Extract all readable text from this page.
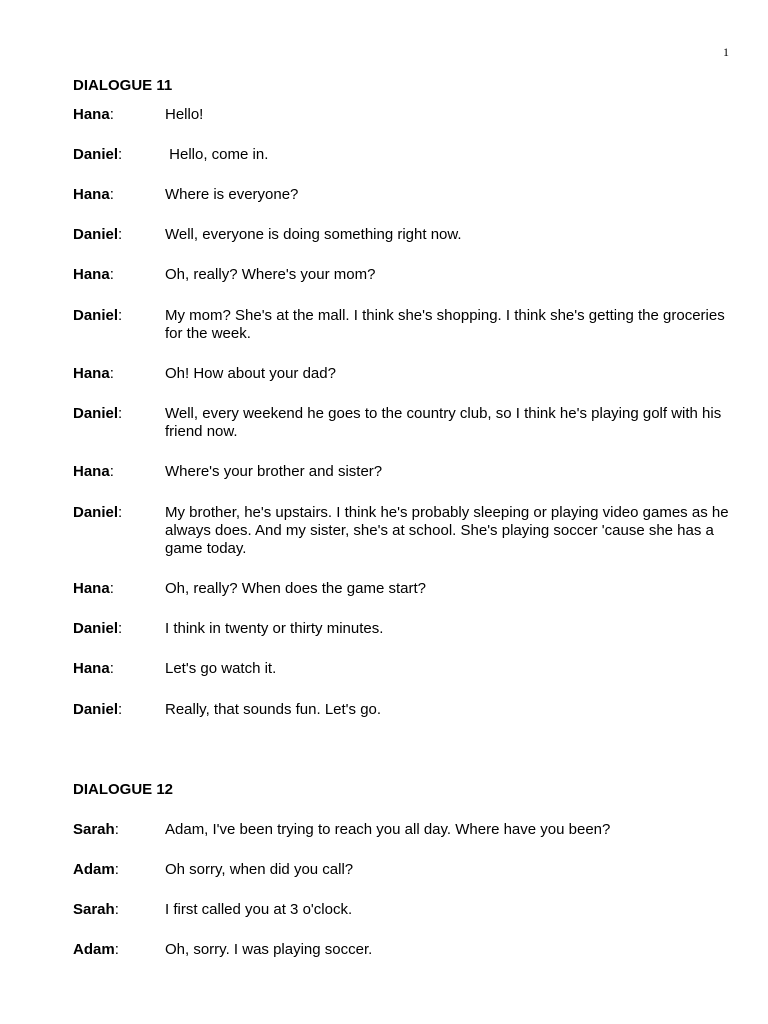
1
DIALOGUE 11
Hana:	Hello!
Daniel:	Hello, come in.
Hana:	Where is everyone?
Daniel:	Well, everyone is doing something right now.
Hana:	Oh, really? Where's your mom?
Daniel:	My mom? She's at the mall. I think she's shopping. I think she's getting the groceries for the week.
Hana:	Oh! How about your dad?
Daniel:	Well, every weekend he goes to the country club, so I think he's playing golf with his friend now.
Hana:	Where's your brother and sister?
Daniel:	My brother, he's upstairs. I think he's probably sleeping or playing video games as he always does. And my sister, she's at school. She's playing soccer 'cause she has a game today.
Hana:	Oh, really? When does the game start?
Daniel:	I think in twenty or thirty minutes.
Hana:	Let's go watch it.
Daniel:	Really, that sounds fun. Let's go.
DIALOGUE 12
Sarah:	Adam, I've been trying to reach you all day. Where have you been?
Adam:	Oh sorry, when did you call?
Sarah:	I first called you at 3 o'clock.
Adam:	Oh, sorry. I was playing soccer.
